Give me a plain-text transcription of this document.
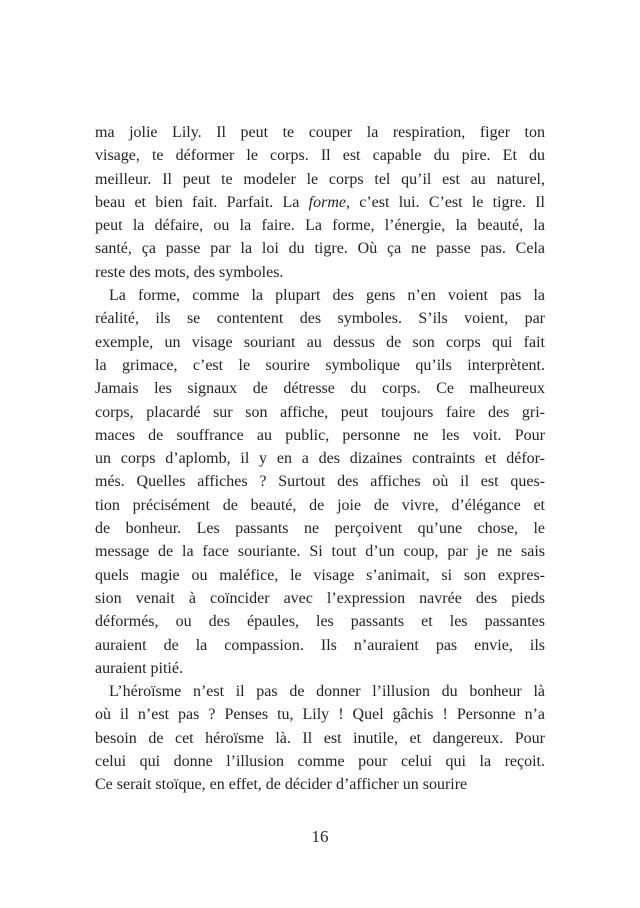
ma jolie Lily. Il peut te couper la respiration, figer ton
visage, te déformer le corps. Il est capable du pire. Et du
meilleur. Il peut te modeler le corps tel qu’il est au naturel,
beau et bien fait. Parfait. La forme, c’est lui. C’est le tigre. Il
peut la défaire, ou la faire. La forme, l’énergie, la beauté, la
santé, ça passe par la loi du tigre. Où ça ne passe pas. Cela
reste des mots, des symboles.
La forme, comme la plupart des gens n’en voient pas la
réalité, ils se contentent des symboles. S’ils voient, par
exemple, un visage souriant au dessus de son corps qui fait
la grimace, c’est le sourire symbolique qu’ils interprètent.
Jamais les signaux de détresse du corps. Ce malheureux
corps, placardé sur son affiche, peut toujours faire des gri-
maces de souffrance au public, personne ne les voit. Pour
un corps d’aplomb, il y en a des dizaines contraints et défor-
més. Quelles affiches ? Surtout des affiches où il est ques-
tion précisément de beauté, de joie de vivre, d’élégance et
de bonheur. Les passants ne perçoivent qu’une chose, le
message de la face souriante. Si tout d’un coup, par je ne sais
quels magie ou maléfice, le visage s’animait, si son expres-
sion venait à coïncider avec l’expression navrée des pieds
déformés, ou des épaules, les passants et les passantes
auraient de la compassion. Ils n’auraient pas envie, ils
auraient pitié.
L’héroïsme n’est il pas de donner l’illusion du bonheur là
où il n’est pas ? Penses tu, Lily ! Quel gâchis ! Personne n’a
besoin de cet héroïsme là. Il est inutile, et dangereux. Pour
celui qui donne l’illusion comme pour celui qui la reçoit.
Ce serait stoïque, en effet, de décider d’afficher un sourire
16
